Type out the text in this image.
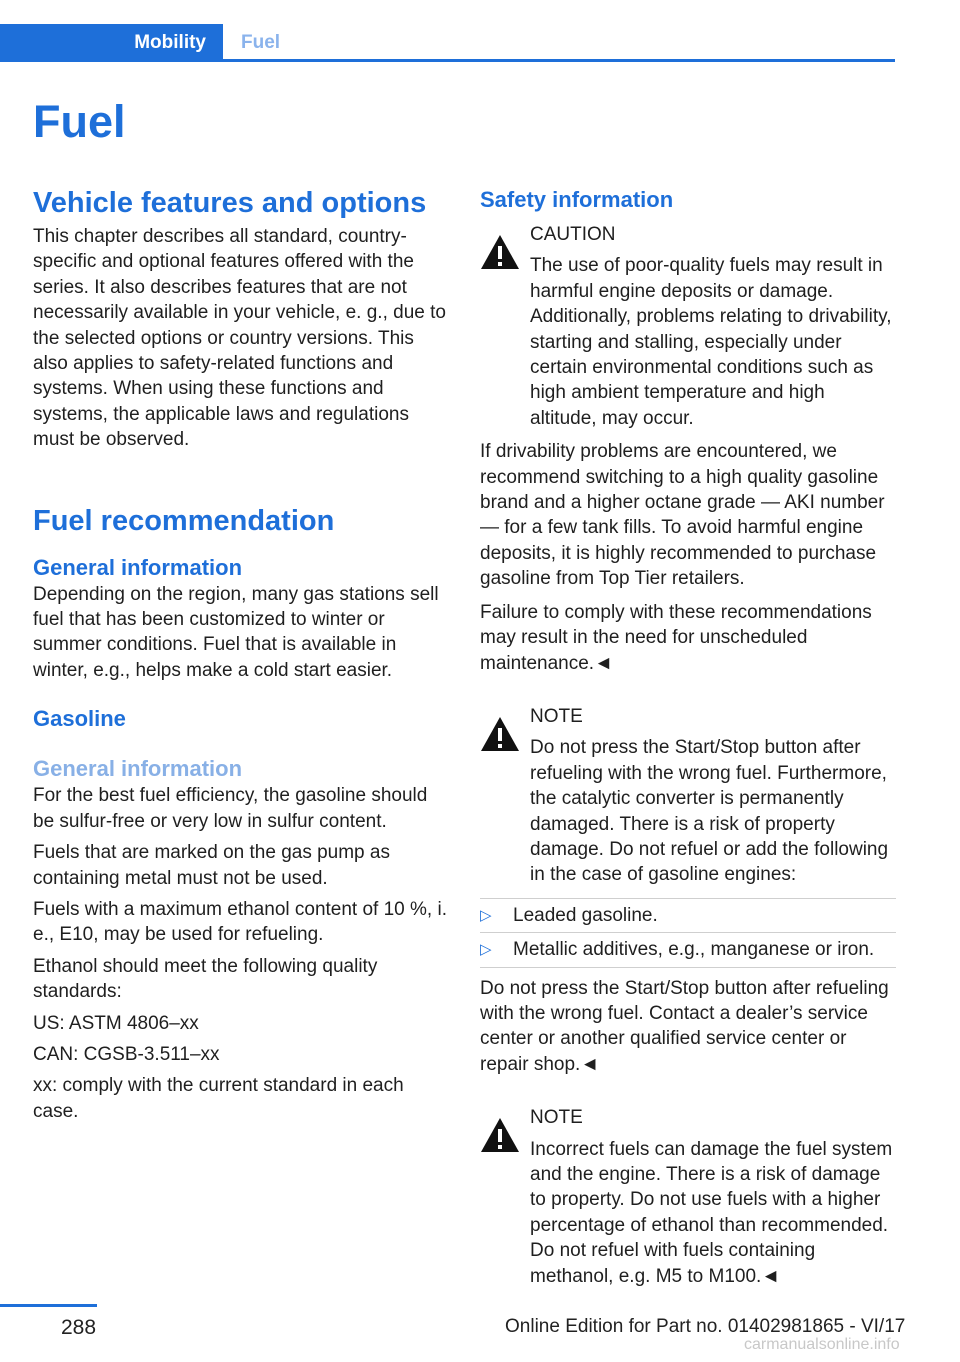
Mobility	Fuel
Fuel
Vehicle features and options

This chapter describes all standard, country-specific and optional features offered with the series. It also describes features that are not necessarily available in your vehicle, e. g., due to the selected options or country versions. This also applies to safety-related functions and systems. When using these functions and systems, the applicable laws and regulations must be observed.

Fuel recommendation
General information

Depending on the region, many gas stations sell fuel that has been customized to winter or summer conditions. Fuel that is available in winter, e.g., helps make a cold start easier.

Gasoline
General information

For the best fuel efficiency, the gasoline should be sulfur-free or very low in sulfur content.

Fuels that are marked on the gas pump as containing metal must not be used.

Fuels with a maximum ethanol content of 10 %, i. e., E10, may be used for refueling.

Ethanol should meet the following quality standards:

US: ASTM 4806–xx

CAN: CGSB-3.511–xx

xx: comply with the current standard in each case.

Safety information
CAUTION

The use of poor-quality fuels may result in harmful engine deposits or damage. Additionally, problems relating to drivability, starting and stalling, especially under certain environmental conditions such as high ambient temperature and high altitude, may occur.

If drivability problems are encountered, we recommend switching to a high quality gasoline brand and a higher octane grade — AKI number — for a few tank fills. To avoid harmful engine deposits, it is highly recommended to purchase gasoline from Top Tier retailers.

Failure to comply with these recommendations may result in the need for unscheduled maintenance.◄

NOTE

Do not press the Start/Stop button after refueling with the wrong fuel. Furthermore, the catalytic converter is permanently damaged. There is a risk of property damage. Do not refuel or add the following in the case of gasoline engines:

▷ Leaded gasoline.
▷ Metallic additives, e.g., manganese or iron.

Do not press the Start/Stop button after refueling with the wrong fuel. Contact a dealer’s service center or another qualified service center or repair shop.◄

NOTE

Incorrect fuels can damage the fuel system and the engine. There is a risk of damage to property. Do not use fuels with a higher percentage of ethanol than recommended. Do not refuel with fuels containing methanol, e.g. M5 to M100.◄

288	Online Edition for Part no. 01402981865 - VI/17
carmanualsonline.info
